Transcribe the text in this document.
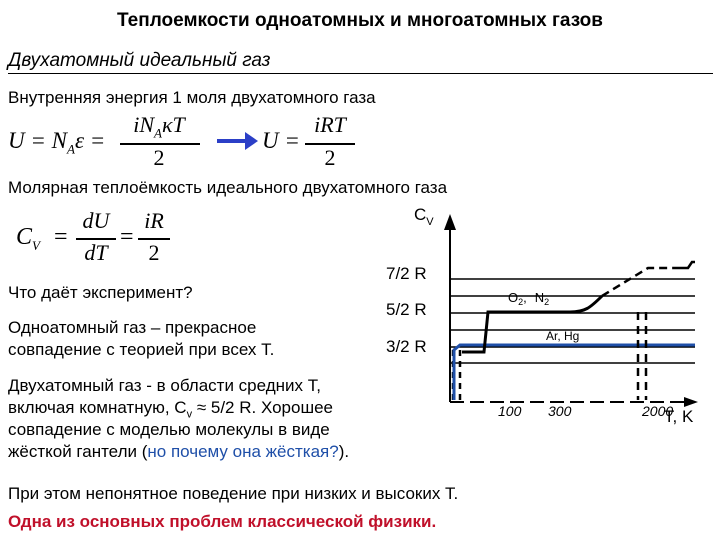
Теплоемкости одноатомных и многоатомных газов
Двухатомный идеальный газ
Внутренняя энергия 1 моля двухатомного газа
$U = N_A\varepsilon$ =
$iN_A\kappa T$
2
U =
iRT
2
Молярная теплоёмкость идеального двухатомного газа
$C_V$ =
dU
dT
=
iR
2
Что даёт эксперимент?
Одноатомный газ – прекрасное
совпадение с теорией при всех T.
Двухатомный газ - в области средних Т,
включая комнатную, $C_v \approx 5/2$ R. Хорошее
совпадение с моделью молекулы в виде
жёсткой гантели (но почему она жёсткая?).
При этом непонятное поведение при низких и высоких Т.
Одна из основных проблем классической физики.
$C_V$
7/2 R
5/2 R
3/2 R
$O_2$, $N_2$
Ar, Hg
100 300	2000
T, K
